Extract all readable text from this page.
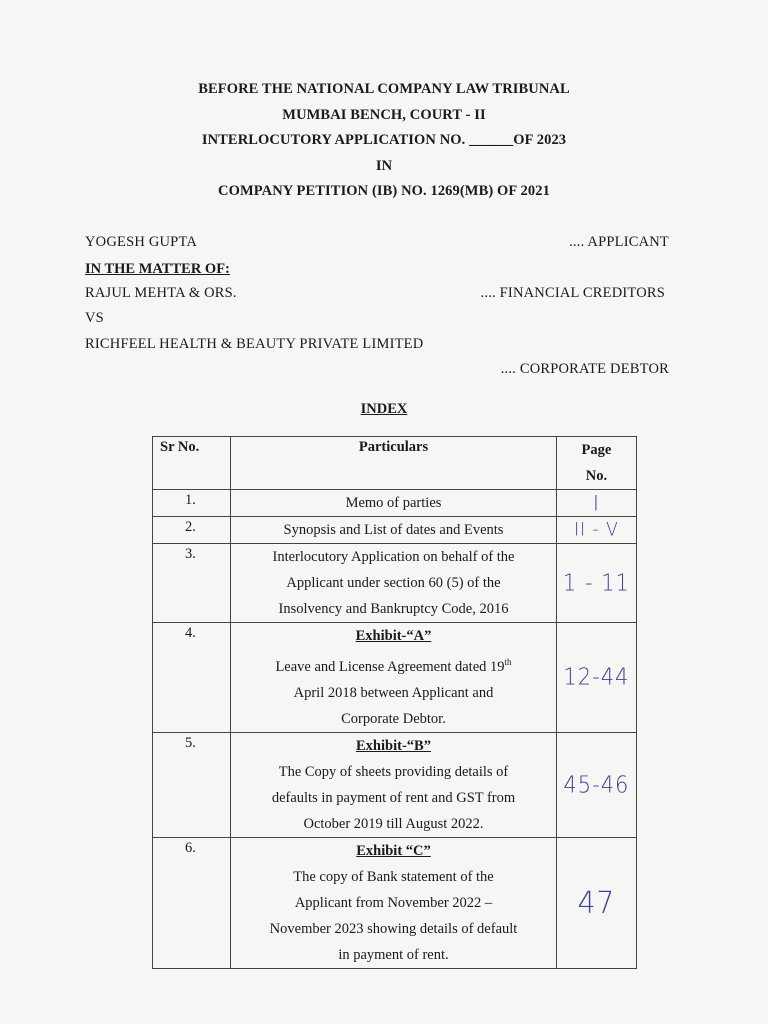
BEFORE THE NATIONAL COMPANY LAW TRIBUNAL
MUMBAI BENCH, COURT - II
INTERLOCUTORY APPLICATION NO. ______OF 2023
IN
COMPANY PETITION (IB) NO. 1269(MB) OF 2021
YOGESH GUPTA	.... APPLICANT
IN THE MATTER OF:
RAJUL MEHTA & ORS.	.... FINANCIAL CREDITORS
VS
RICHFEEL HEALTH & BEAUTY PRIVATE LIMITED
.... CORPORATE DEBTOR
INDEX
Sr No.	Particulars	Page
No.

1.	Memo of parties	I
2.	Synopsis and List of dates and Events	II - V
3.	Interlocutory Application on behalf of the
Applicant under section 60 (5) of the
Insolvency and Bankruptcy Code, 2016	1 - 11
4.	Exhibit-“A”
Leave and License Agreement dated 19th
April 2018 between Applicant and
Corporate Debtor.	12-44
5.	Exhibit-“B”
The Copy of sheets providing details of
defaults in payment of rent and GST from
October 2019 till August 2022.	45-46
6.	Exhibit “C”
The copy of Bank statement of the
Applicant from November 2022 –
November 2023 showing details of default
in payment of rent.	47
